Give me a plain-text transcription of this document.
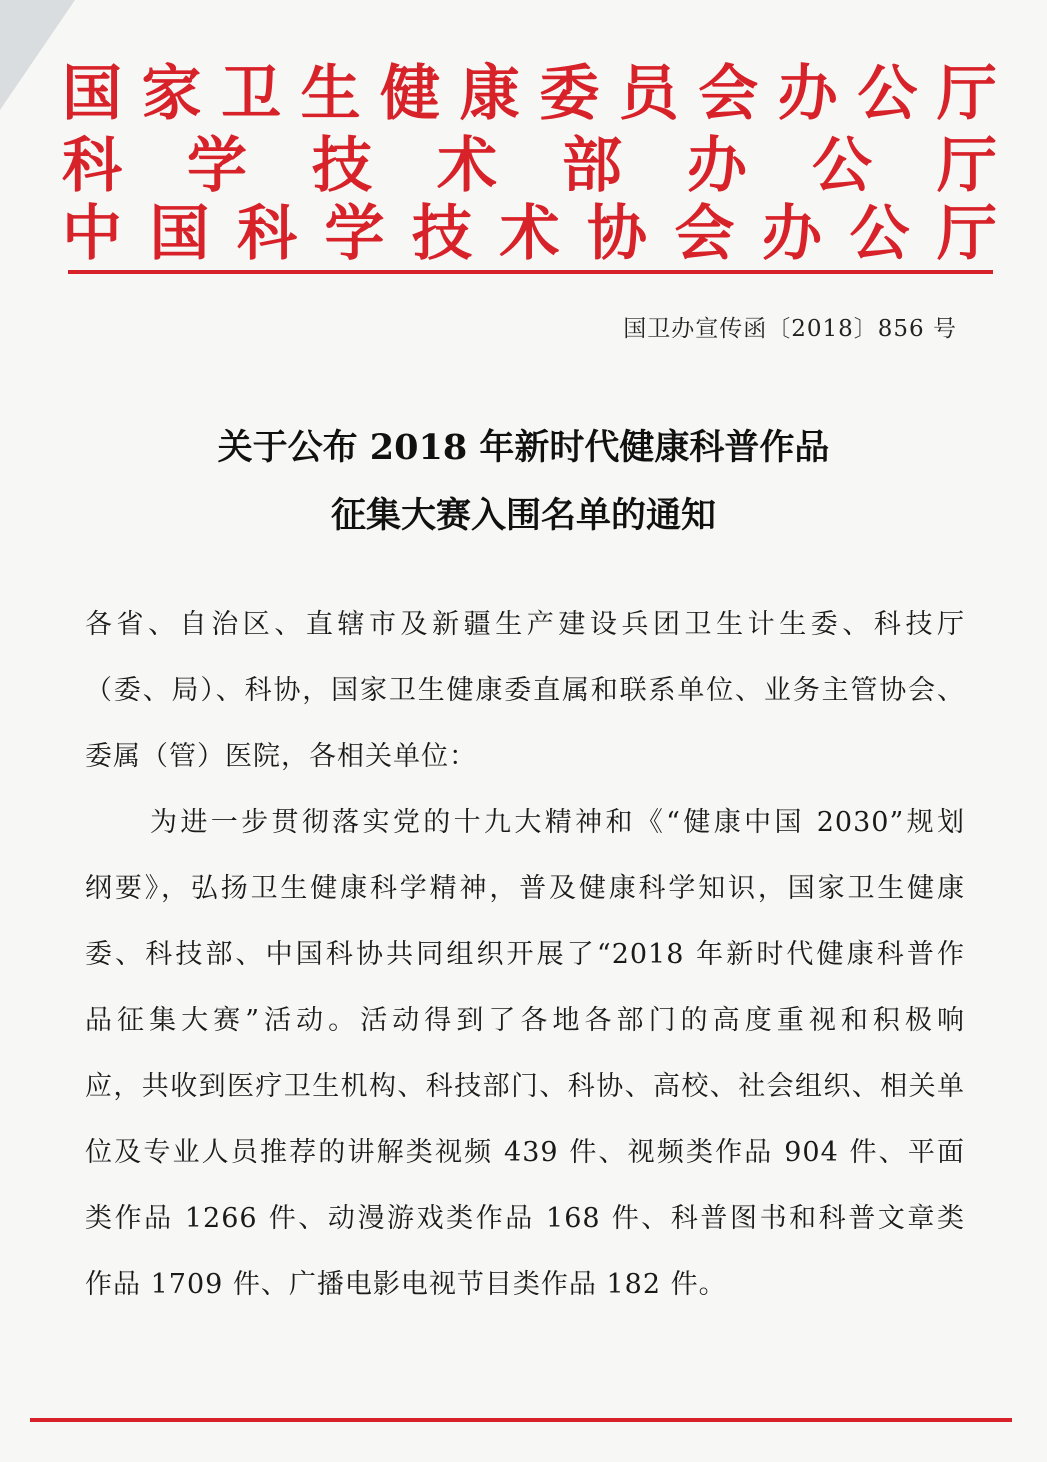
国 家 卫 生 健 康 委 员 会 办 公 厅
科 学 技 术 部 办 公 厅
中 国 科 学 技 术 协 会 办 公 厅
国卫办宣传函〔2018〕856 号
关于公布 2018 年新时代健康科普作品
征集大赛入围名单的通知
各省、自治区、直辖市及新疆生产建设兵团卫生计生委、科技厅
（委、局）、科协，国家卫生健康委直属和联系单位、业务主管协会、
委属（管）医院，各相关单位：
为进一步贯彻落实党的十九大精神和《“健康中国 2030”规划
纲要》，弘扬卫生健康科学精神，普及健康科学知识，国家卫生健康
委、科技部、中国科协共同组织开展了“2018 年新时代健康科普作
品征集大赛”活动。活动得到了各地各部门的高度重视和积极响
应，共收到医疗卫生机构、科技部门、科协、高校、社会组织、相关单
位及专业人员推荐的讲解类视频 439 件、视频类作品 904 件、平面
类作品 1266 件、动漫游戏类作品 168 件、科普图书和科普文章类
作品 1709 件、广播电影电视节目类作品 182 件。
